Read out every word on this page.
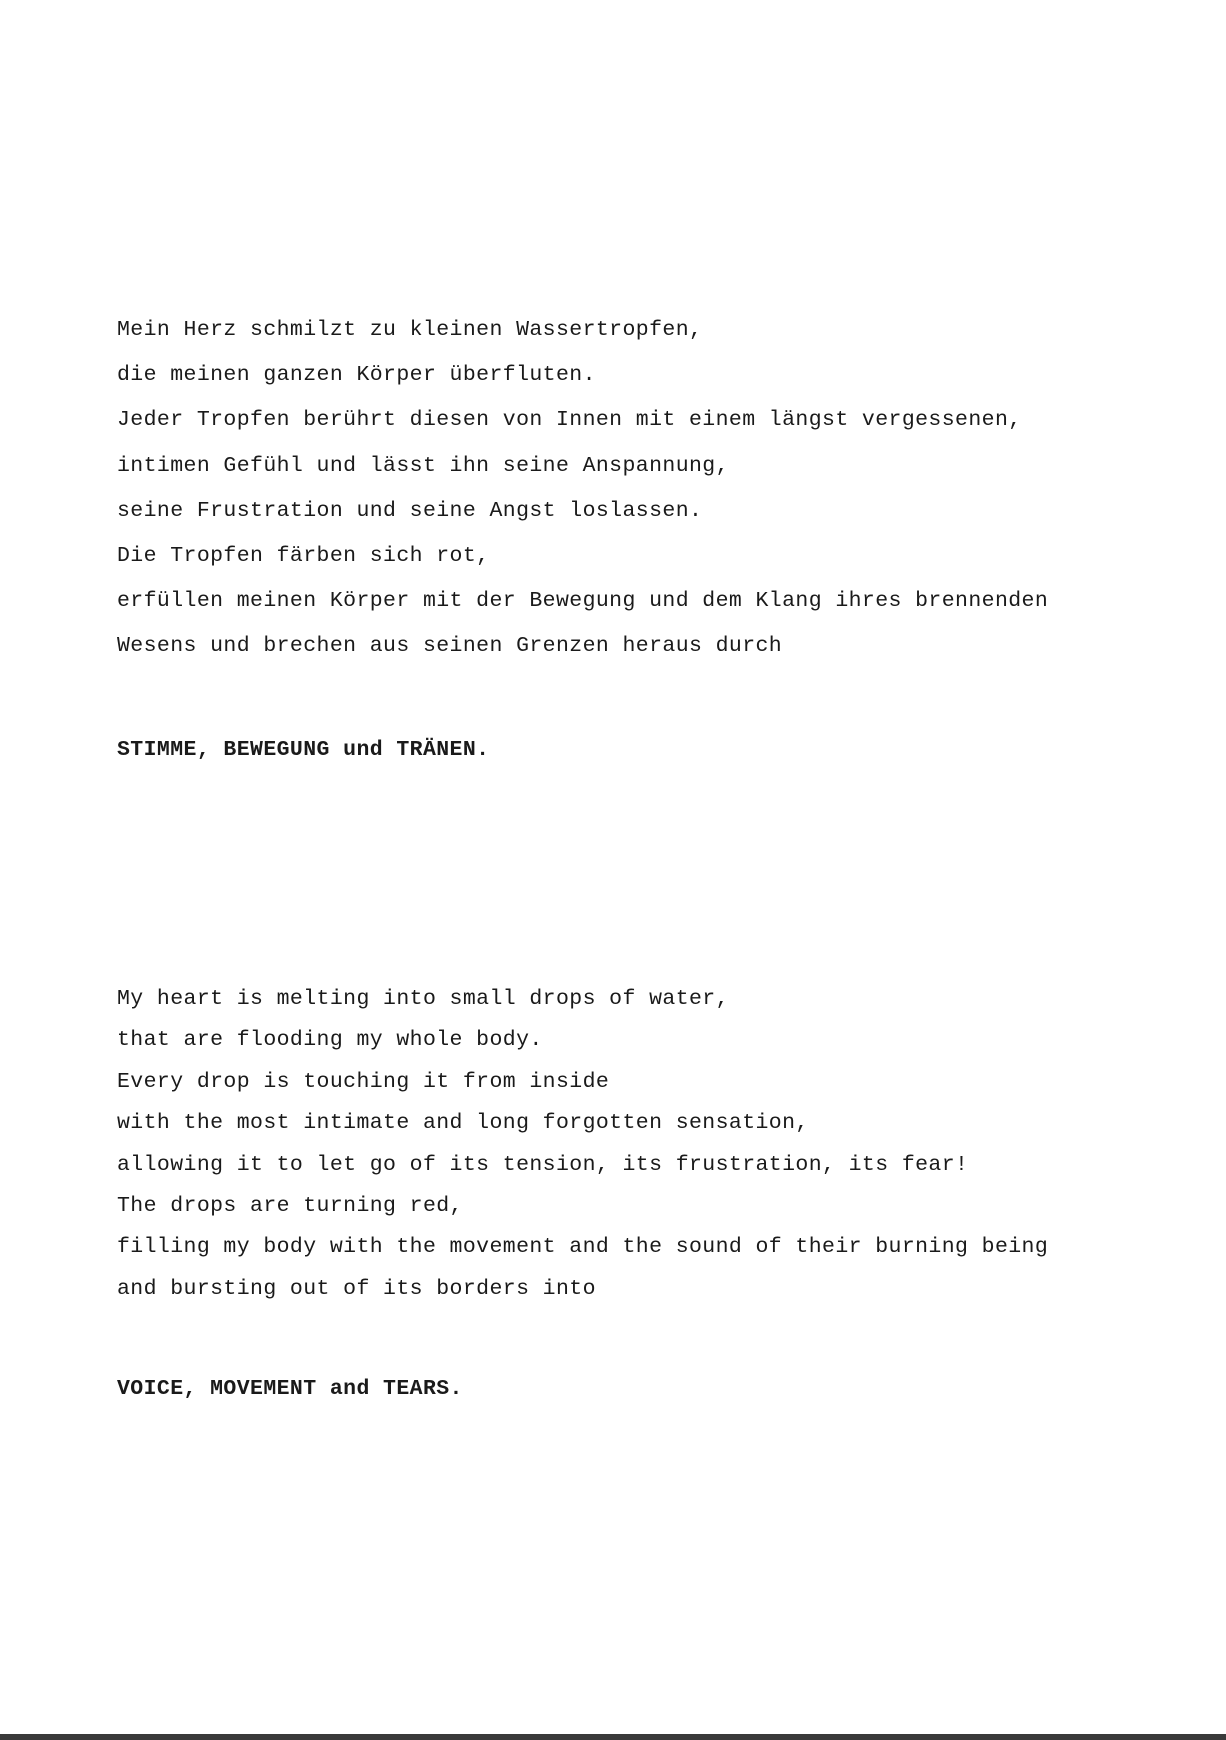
Mein Herz schmilzt zu kleinen Wassertropfen,
die meinen ganzen Körper überfluten.
Jeder Tropfen berührt diesen von Innen mit einem längst vergessenen,
intimen Gefühl und lässt ihn seine Anspannung,
seine Frustration und seine Angst loslassen.
Die Tropfen färben sich rot,
erfüllen meinen Körper mit der Bewegung und dem Klang ihres brennenden
Wesens und brechen aus seinen Grenzen heraus durch

STIMME, BEWEGUNG und TRÄNEN.

My heart is melting into small drops of water,
that are flooding my whole body.
Every drop is touching it from inside
with the most intimate and long forgotten sensation,
allowing it to let go of its tension, its frustration, its fear!
The drops are turning red,
filling my body with the movement and the sound of their burning being
and bursting out of its borders into

VOICE, MOVEMENT and TEARS.
